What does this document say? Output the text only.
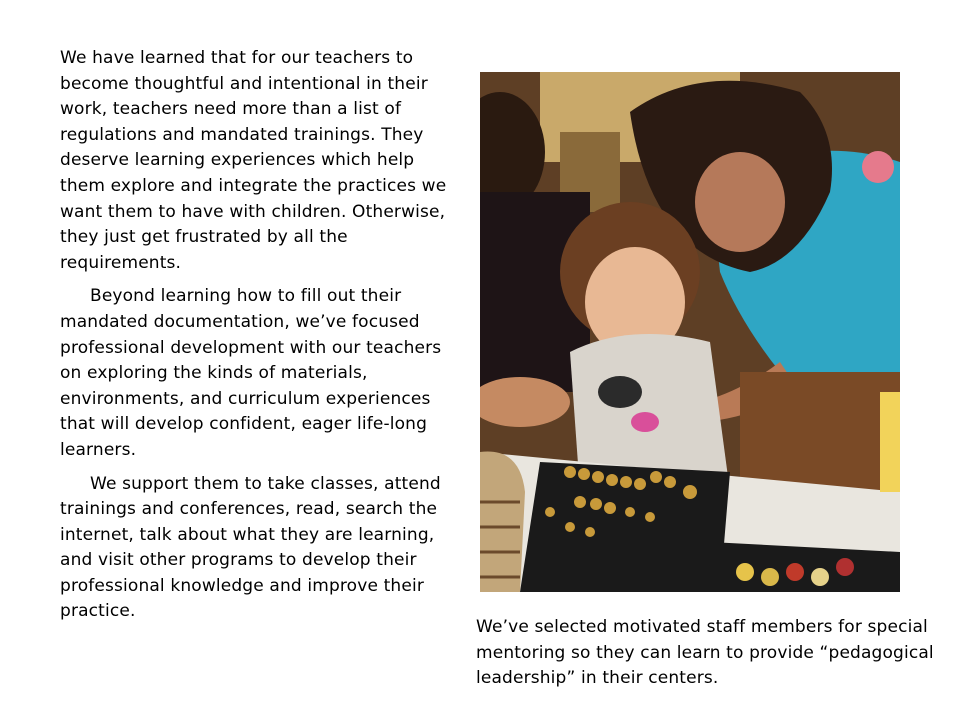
We have learned that for our teachers to become thoughtful and intentional in their work, teachers need more than a list of regulations and mandated trainings. They deserve learning experiences which help them explore and integrate the practices we want them to have with children. Otherwise, they just get frustrated by all the requirements.

Beyond learning how to fill out their mandated documentation, we’ve focused professional development with our teachers on exploring the kinds of materials, environments, and curriculum experiences that will develop confident, eager life-long learners.

We support them to take classes, attend trainings and conferences, read, search the internet, talk about what they are learning, and visit other programs to develop their professional knowledge and improve their practice.

We’ve selected motivated staff members for special mentoring so they can learn to provide “pedagogical leadership” in their centers.
